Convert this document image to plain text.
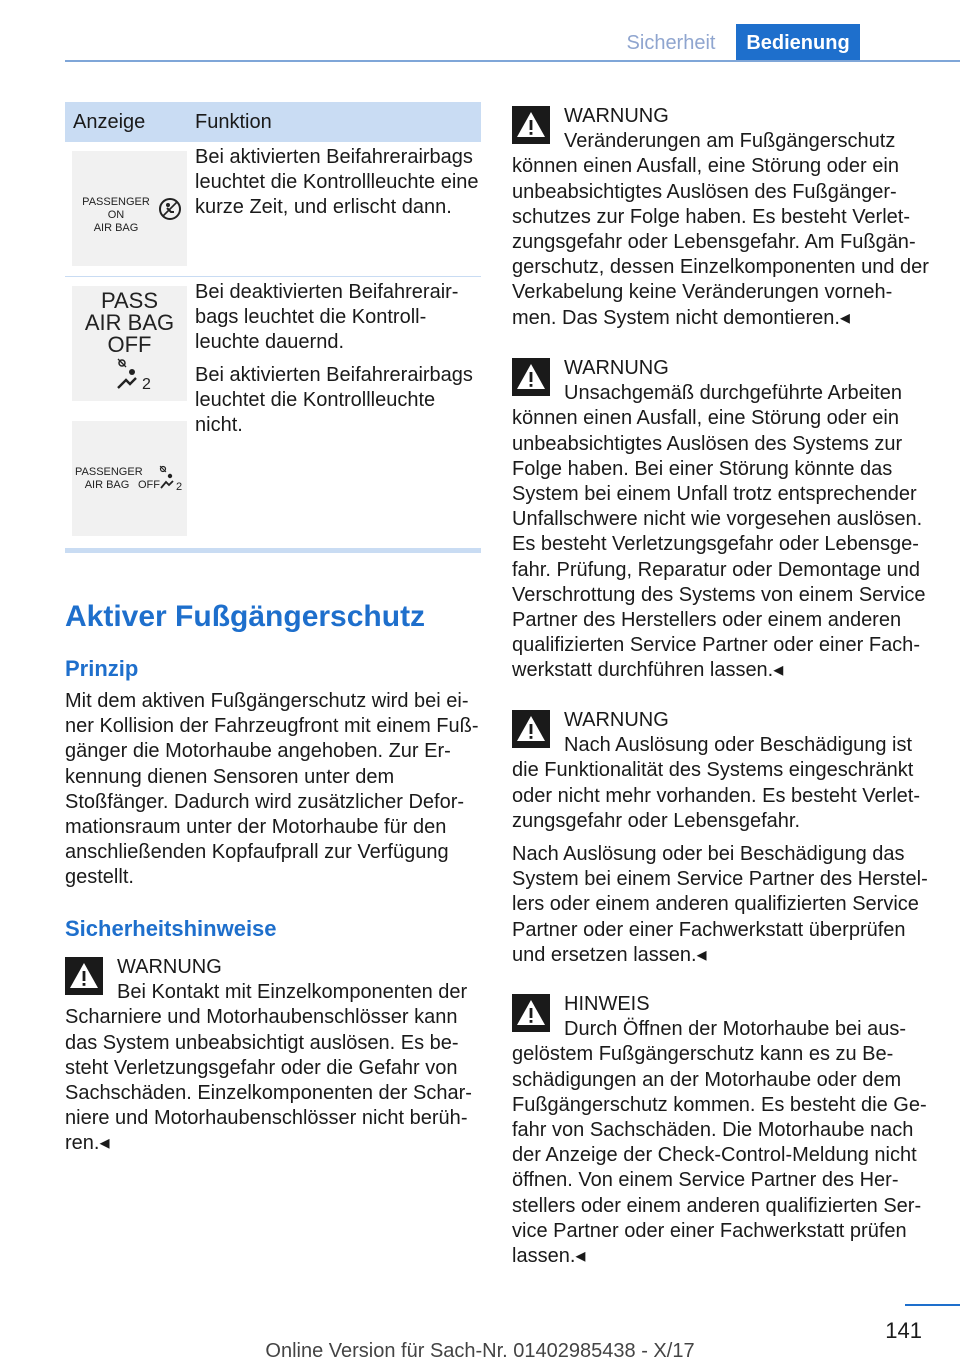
Sicherheit	Bedienung
Anzeige	Funktion
PASSENGER ON
AIR BAG

Bei aktivierten Beifahrerairbags leuchtet die Kontrollleuchte eine kurze Zeit, und erlischt dann.

PASS
AIR BAG
OFF
2
PASSENGER
AIR BAG OFF 2

Bei deaktivierten Beifahrerairbags leuchtet die Kontrollleuchte dauernd.

Bei aktivierten Beifahrerairbags leuchtet die Kontrollleuchte nicht.

Aktiver Fußgängerschutz
Prinzip

Mit dem aktiven Fußgängerschutz wird bei einer Kollision der Fahrzeugfront mit einem Fußgänger die Motorhaube angehoben. Zur Erkennung dienen Sensoren unter dem Stoßfänger. Dadurch wird zusätzlicher Deformationsraum unter der Motorhaube für den anschließenden Kopfaufprall zur Verfügung gestellt.

Sicherheitshinweise
WARNUNG

Bei Kontakt mit Einzelkomponenten der Scharniere und Motorhaubenschlösser kann das System unbeabsichtigt auslösen. Es besteht Verletzungsgefahr oder die Gefahr von Sachschäden. Einzelkomponenten der Scharniere und Motorhaubenschlösser nicht berühren.◂

WARNUNG

Veränderungen am Fußgängerschutz können einen Ausfall, eine Störung oder ein unbeabsichtigtes Auslösen des Fußgängerschutzes zur Folge haben. Es besteht Verletzungsgefahr oder Lebensgefahr. Am Fußgängerschutz, dessen Einzelkomponenten und der Verkabelung keine Veränderungen vornehmen. Das System nicht demontieren.◂

WARNUNG

Unsachgemäß durchgeführte Arbeiten können einen Ausfall, eine Störung oder ein unbeabsichtigtes Auslösen des Systems zur Folge haben. Bei einer Störung könnte das System bei einem Unfall trotz entsprechender Unfallschwere nicht wie vorgesehen auslösen. Es besteht Verletzungsgefahr oder Lebensgefahr. Prüfung, Reparatur oder Demontage und Verschrottung des Systems von einem Service Partner des Herstellers oder einem anderen qualifizierten Service Partner oder einer Fachwerkstatt durchführen lassen.◂

WARNUNG

Nach Auslösung oder Beschädigung ist die Funktionalität des Systems eingeschränkt oder nicht mehr vorhanden. Es besteht Verletzungsgefahr oder Lebensgefahr.

Nach Auslösung oder bei Beschädigung das System bei einem Service Partner des Herstellers oder einem anderen qualifizierten Service Partner oder einer Fachwerkstatt überprüfen und ersetzen lassen.◂

HINWEIS

Durch Öffnen der Motorhaube bei ausgelöstem Fußgängerschutz kann es zu Beschädigungen an der Motorhaube oder dem Fußgängerschutz kommen. Es besteht die Gefahr von Sachschäden. Die Motorhaube nach der Anzeige der Check-Control-Meldung nicht öffnen. Von einem Service Partner des Herstellers oder einem anderen qualifizierten Service Partner oder einer Fachwerkstatt prüfen lassen.◂

141
Online Version für Sach-Nr. 01402985438 - X/17
